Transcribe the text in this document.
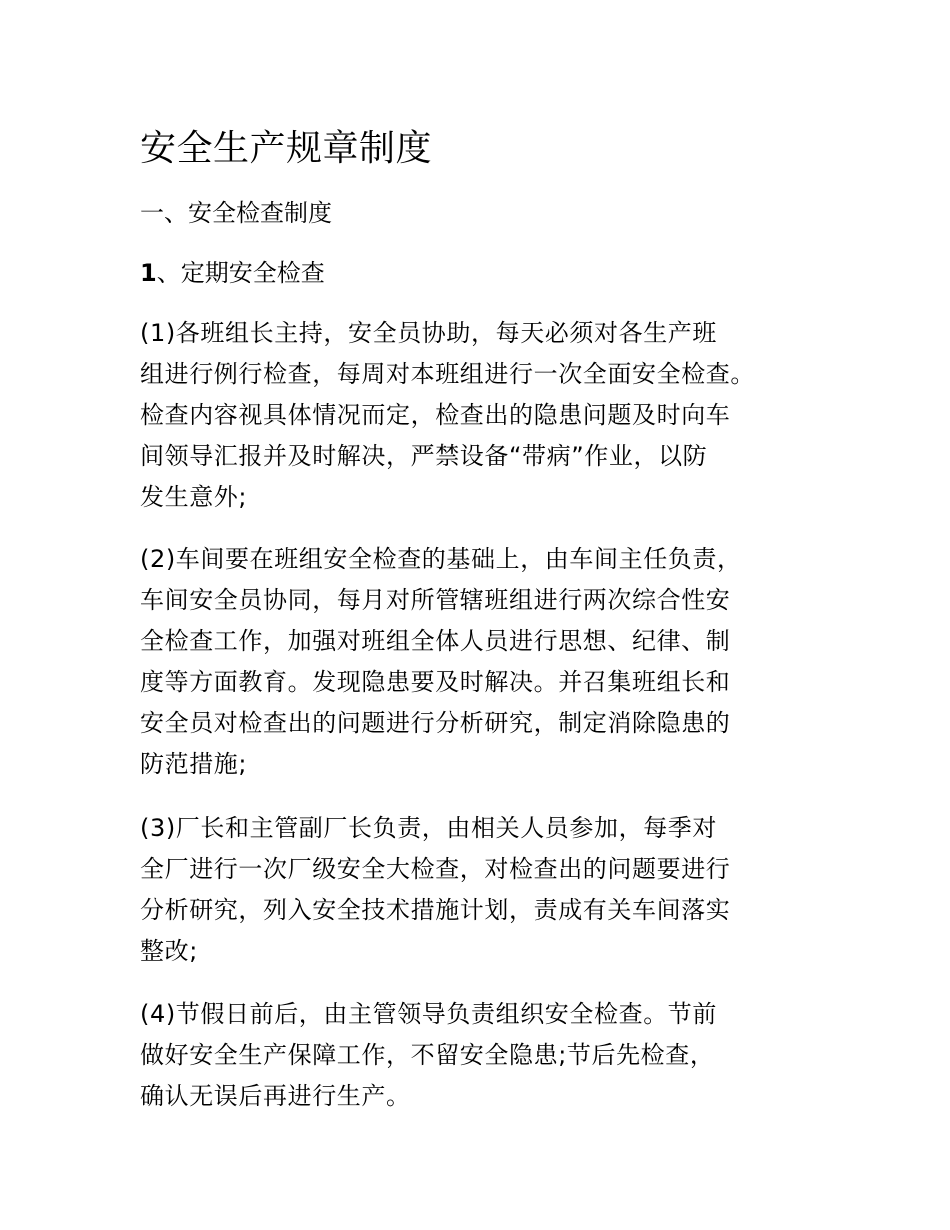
安全生产规章制度
一、安全检查制度
1、定期安全检查
(1)各班组长主持，安全员协助，每天必须对各生产班
组进行例行检查，每周对本班组进行一次全面安全检查。
检查内容视具体情况而定，检查出的隐患问题及时向车
间领导汇报并及时解决，严禁设备“带病”作业，以防
发生意外;
(2)车间要在班组安全检查的基础上，由车间主任负责，
车间安全员协同，每月对所管辖班组进行两次综合性安
全检查工作，加强对班组全体人员进行思想、纪律、制
度等方面教育。发现隐患要及时解决。并召集班组长和
安全员对检查出的问题进行分析研究，制定消除隐患的
防范措施;
(3)厂长和主管副厂长负责，由相关人员参加，每季对
全厂进行一次厂级安全大检查，对检查出的问题要进行
分析研究，列入安全技术措施计划，责成有关车间落实
整改;
(4)节假日前后，由主管领导负责组织安全检查。节前
做好安全生产保障工作，不留安全隐患;节后先检查，
确认无误后再进行生产。
